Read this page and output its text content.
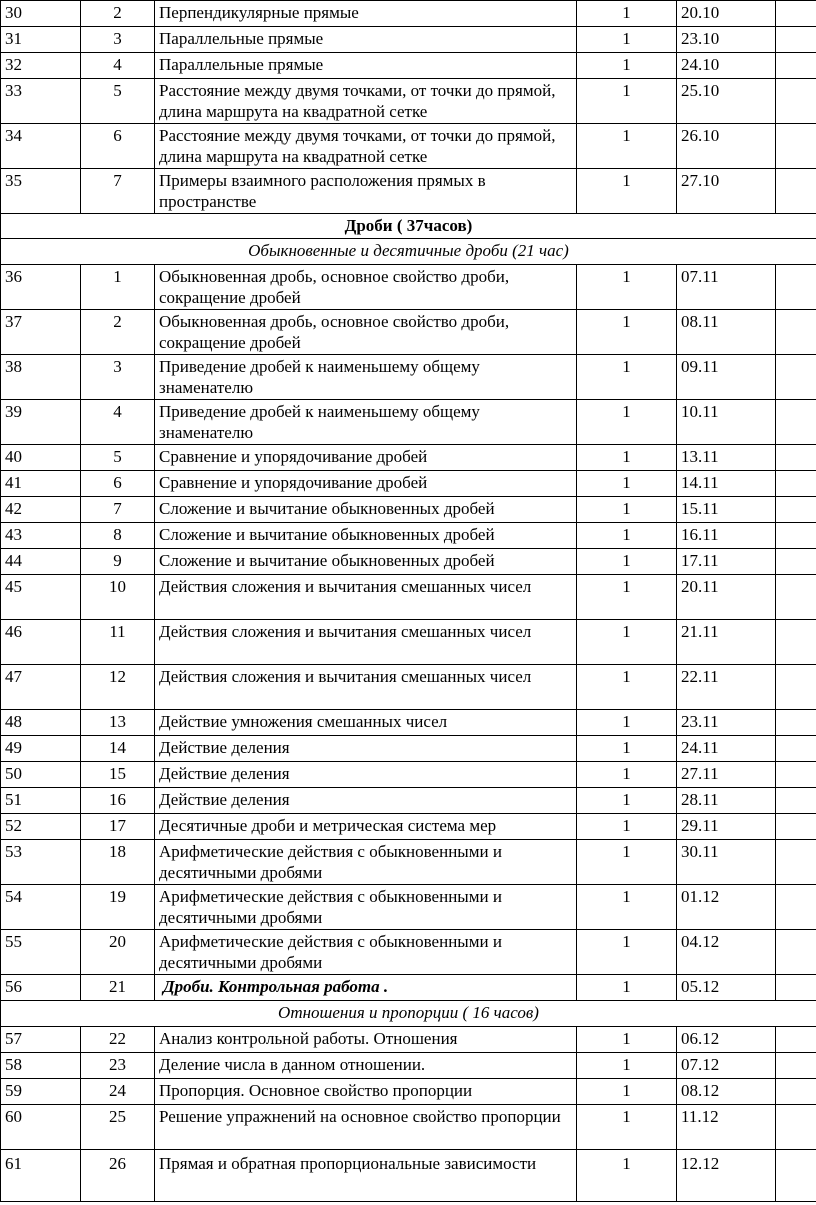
30	2	Перпендикулярные прямые	1	20.10	
31	3	Параллельные прямые	1	23.10	
32	4	Параллельные прямые	1	24.10	
33	5	Расстояние между двумя точками, от точки до прямой, длина маршрута на квадратной сетке	1	25.10	
34	6	Расстояние между двумя точками, от точки до прямой, длина маршрута на квадратной сетке	1	26.10	
35	7	Примеры взаимного расположения прямых в пространстве	1	27.10	
Дроби ( 37часов)					
Обыкновенные и десятичные дроби (21 час)					
36	1	Обыкновенная дробь, основное свойство дроби, сокращение дробей	1	07.11	
37	2	Обыкновенная дробь, основное свойство дроби, сокращение дробей	1	08.11	
38	3	Приведение дробей к наименьшему общему знаменателю	1	09.11	
39	4	Приведение дробей к наименьшему общему знаменателю	1	10.11	
40	5	Сравнение и упорядочивание дробей	1	13.11	
41	6	Сравнение и упорядочивание дробей	1	14.11	
42	7	Сложение и вычитание обыкновенных дробей	1	15.11	
43	8	Сложение и вычитание обыкновенных дробей	1	16.11	
44	9	Сложение и вычитание обыкновенных дробей	1	17.11	
45	10	Действия сложения и вычитания смешанных чисел	1	20.11	
46	11	Действия сложения и вычитания смешанных чисел	1	21.11	
47	12	Действия сложения и вычитания смешанных чисел	1	22.11	
48	13	Действие умножения смешанных чисел	1	23.11	
49	14	Действие деления	1	24.11	
50	15	Действие деления	1	27.11	
51	16	Действие деления	1	28.11	
52	17	Десятичные дроби и метрическая система мер	1	29.11	
53	18	Арифметические действия с обыкновенными и десятичными дробями	1	30.11	
54	19	Арифметические действия с обыкновенными и десятичными дробями	1	01.12	
55	20	Арифметические действия с обыкновенными и десятичными дробями	1	04.12	
56	21	Дроби. Контрольная работа .	1	05.12	
Отношения и пропорции ( 16 часов)					
57	22	Анализ контрольной работы. Отношения	1	06.12	
58	23	Деление числа в данном отношении.	1	07.12	
59	24	Пропорция. Основное свойство пропорции	1	08.12	
60	25	Решение упражнений на основное свойство пропорции	1	11.12	
61	26	Прямая и обратная пропорциональные зависимости	1	12.12	
